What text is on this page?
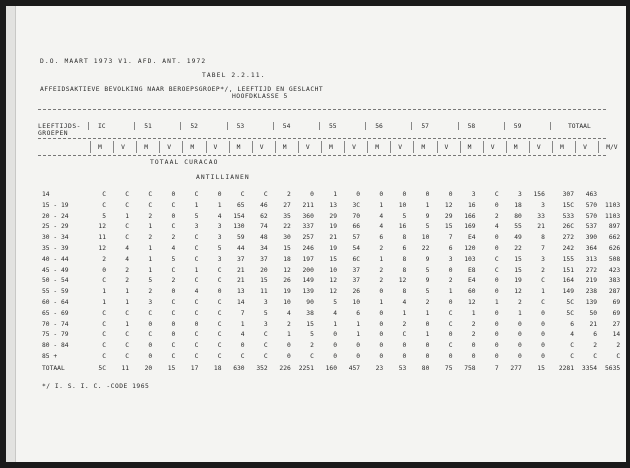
D.O. MAART 1973 V1. AFD. ANT. 1972
TABEL 2.2.11.
AFFEIDSAKTIEVE BEVOLKING NAAR BEROEPSGROEP*/, LEEFTIJD EN GESLACHT
HOOFDKLASSE 5
LEEFTIJDS-
GROEPEN
IC	51	52	53	54	55	56	57	58	59	TOTAAL
M	V	M	V	M	V	M	V	M	V	M	V	M	V	M	V	M	V	M	V	M	V	M/V
TOTAAL CURACAO
ANTILLIANEN
14	C	C	C	0	C	0	C	C	2	0	1	0	0	0	0	0	3	C	3	156	307	463
15 - 19	C	C	C	C	1	1	65	46	27	211	13	3C	1	10	1	12	16	0	18	3	15C	570	1103
20 - 24	5	1	2	0	5	4	154	62	35	360	29	70	4	5	9	29	166	2	80	33	533	570	1103
25 - 29	12	C	1	C	3	3	130	74	22	337	19	66	4	16	5	15	169	4	55	21	26C	537	897
30 - 34	11	C	2	2	C	3	59	48	30	257	21	57	6	8	10	7	E4	0	49	8	272	390	662
35 - 39	12	4	1	4	C	5	44	34	15	246	19	54	2	6	22	6	120	0	22	7	242	364	626
40 - 44	2	4	1	5	C	3	37	37	18	197	15	6C	1	8	9	3	103	C	15	3	155	313	508
45 - 49	0	2	1	C	1	C	21	20	12	200	10	37	2	8	5	0	E8	C	15	2	151	272	423
50 - 54	C	2	5	2	C	C	21	15	26	149	12	37	2	12	9	2	E4	0	19	C	164	219	383
55 - 59	1	1	2	0	4	0	13	11	19	139	12	26	0	8	5	1	60	0	12	1	149	238	287
60 - 64	1	1	3	C	C	C	14	3	10	90	5	10	1	4	2	0	12	1	2	C	5C	139	69
65 - 69	C	C	C	C	C	C	7	5	4	38	4	6	0	1	1	C	1	0	1	0	5C	50	69
70 - 74	C	1	0	0	0	C	1	3	2	15	1	1	0	2	0	C	2	0	0	0	6	21	27
75 - 79	C	C	C	0	C	C	4	C	1	5	0	1	0	C	1	0	2	0	0	0	4	6	14
80 - 84	C	C	0	C	C	C	0	C	0	2	0	0	0	0	0	C	0	0	0	0	C	2	2
85 +	C	C	0	C	C	C	C	C	0	C	0	0	0	0	0	0	0	0	0	0	C	C	C
TOTAAL	5C	11	20	15	17	18	630	352	226	2251	160	457	23	53	80	75	758	7	277	15	2281	3354	5635
*/ I. S. I. C. -CODE 1965
